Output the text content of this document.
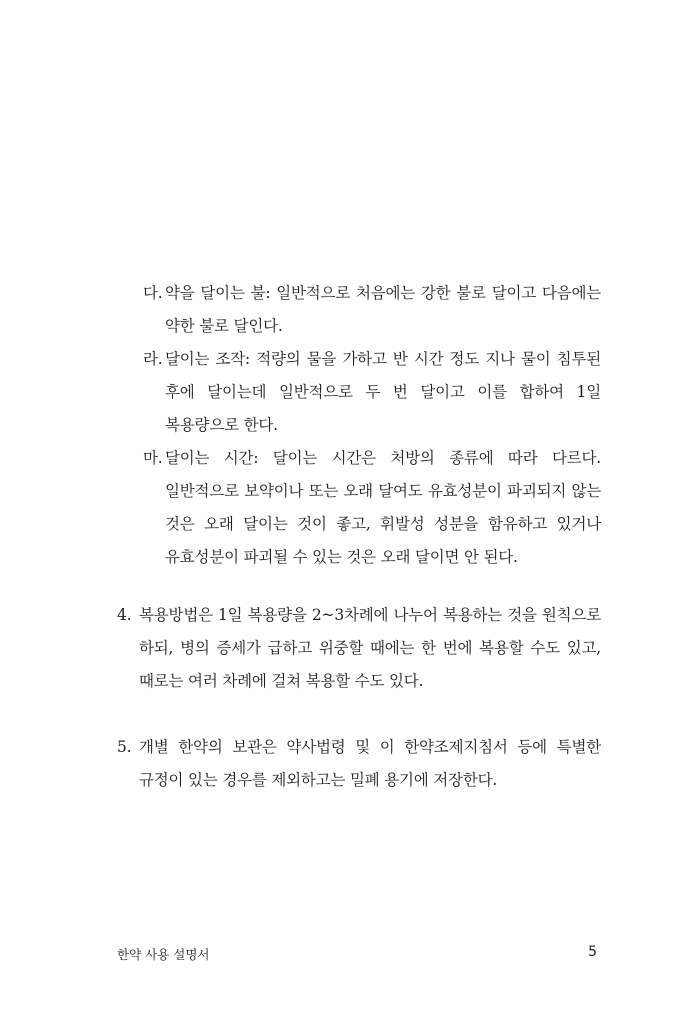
다. 약을 달이는 불: 일반적으로 처음에는 강한 불로 달이고 다음에는 약한 불로 달인다.
라. 달이는 조작: 적량의 물을 가하고 반 시간 정도 지나 물이 침투된 후에 달이는데 일반적으로 두 번 달이고 이를 합하여 1일 복용량으로 한다.
마. 달이는 시간: 달이는 시간은 처방의 종류에 따라 다르다. 일반적으로 보약이나 또는 오래 달여도 유효성분이 파괴되지 않는 것은 오래 달이는 것이 좋고, 휘발성 성분을 함유하고 있거나 유효성분이 파괴될 수 있는 것은 오래 달이면 안 된다.
4. 복용방법은 1일 복용량을 2~3차례에 나누어 복용하는 것을 원칙으로 하되, 병의 증세가 급하고 위중할 때에는 한 번에 복용할 수도 있고, 때로는 여러 차례에 걸쳐 복용할 수도 있다.
5. 개별 한약의 보관은 약사법령 및 이 한약조제지침서 등에 특별한 규정이 있는 경우를 제외하고는 밀폐 용기에 저장한다.
한약 사용 설명서	5
